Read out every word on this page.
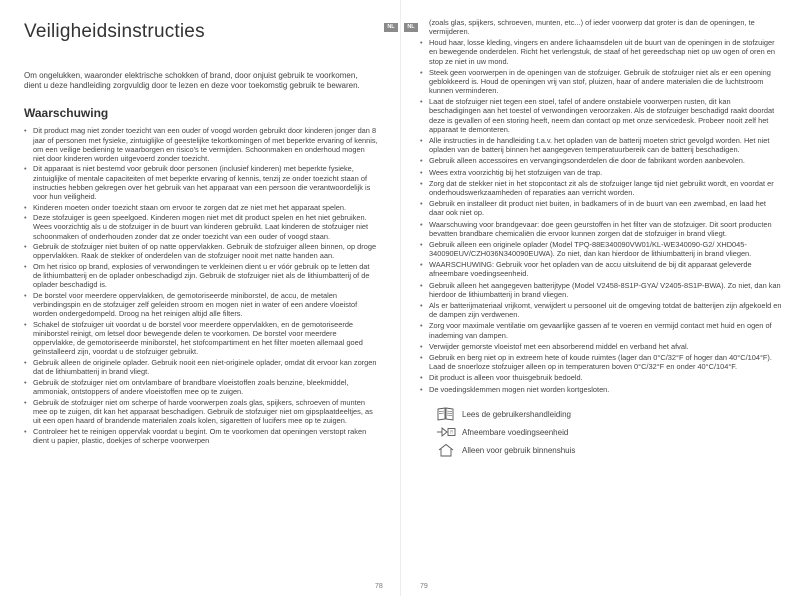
NL	NL
Veiligheidsinstructies

Om ongelukken, waaronder elektrische schokken of brand, door onjuist gebruik te voorkomen, dient u deze handleiding zorgvuldig door te lezen en deze voor toekomstig gebruik te bewaren.

Waarschuwing
• Dit product mag niet zonder toezicht van een ouder of voogd worden gebruikt door kinderen jonger dan 8 jaar of personen met fysieke, zintuiglijke of geestelijke tekortkomingen of met beperkte ervaring of kennis, om een veilige bediening te waarborgen en risico's te vermijden. Schoonmaken en onderhoud mogen niet door kinderen worden uitgevoerd zonder toezicht.
• Dit apparaat is niet bestemd voor gebruik door personen (inclusief kinderen) met beperkte fysieke, zintuiglijke of mentale capaciteiten of met beperkte ervaring of kennis, tenzij ze onder toezicht staan of instructies hebben gekregen over het gebruik van het apparaat van een persoon die verantwoordelijk is voor hun veiligheid.
• Kinderen moeten onder toezicht staan om ervoor te zorgen dat ze niet met het apparaat spelen.
• Deze stofzuiger is geen speelgoed. Kinderen mogen niet met dit product spelen en het niet gebruiken. Wees voorzichtig als u de stofzuiger in de buurt van kinderen gebruikt. Laat kinderen de stofzuiger niet schoonmaken of onderhouden zonder dat ze onder toezicht van een ouder of voogd staan.
• Gebruik de stofzuiger niet buiten of op natte oppervlakken. Gebruik de stofzuiger alleen binnen, op droge oppervlakken. Raak de stekker of onderdelen van de stofzuiger nooit met natte handen aan.
• Om het risico op brand, explosies of verwondingen te verkleinen dient u er vóór gebruik op te letten dat de lithiumbatterij en de oplader onbeschadigd zijn. Gebruik de stofzuiger niet als de lithiumbatterij of de oplader beschadigd is.
• De borstel voor meerdere oppervlakken, de gemotoriseerde miniborstel, de accu, de metalen verbindingspin en de stofzuiger zelf geleiden stroom en mogen niet in water of een andere vloeistof worden ondergedompeld. Droog na het reinigen altijd alle filters.
• Schakel de stofzuiger uit voordat u de borstel voor meerdere oppervlakken, en de gemotoriseerde miniborstel reinigt, om letsel door bewegende delen te voorkomen. De borstel voor meerdere oppervlakke, de gemotoriseerde miniborstel, het stofcompartiment en het filter moeten allemaal goed geïnstalleerd zijn, voordat u de stofzuiger gebruikt.
• Gebruik alleen de originele oplader. Gebruik nooit een niet-originele oplader, omdat dit ervoor kan zorgen dat de lithiumbatterij in brand vliegt.
• Gebruik de stofzuiger niet om ontvlambare of brandbare vloeistoffen zoals benzine, bleekmiddel, ammoniak, ontstoppers of andere vloeistoffen mee op te zuigen.
• Gebruik de stofzuiger niet om scherpe of harde voorwerpen zoals glas, spijkers, schroeven of munten mee op te zuigen, dit kan het apparaat beschadigen. Gebruik de stofzuiger niet om gipsplaatdeeltjes, as uit een open haard of brandende materialen zoals kolen, sigaretten of lucifers mee op te zuigen.
• Controleer het te reinigen oppervlak voordat u begint. Om te voorkomen dat openingen verstopt raken dient u papier, plastic, doekjes of scherpe voorwerpen

(zoals glas, spijkers, schroeven, munten, etc...) of ieder voorwerp dat groter is dan de openingen, te vermijderen.

• Houd haar, losse kleding, vingers en andere lichaamsdelen uit de buurt van de openingen in de stofzuiger en bewegende onderdelen. Richt het verlengstuk, de staaf of het gereedschap niet op uw ogen of oren en stop ze niet in uw mond.
• Steek geen voorwerpen in de openingen van de stofzuiger. Gebruik de stofzuiger niet als er een opening geblokkeerd is. Houd de openingen vrij van stof, pluizen, haar of andere materialen die de luchtstroom kunnen verminderen.
• Laat de stofzuiger niet tegen een stoel, tafel of andere onstabiele voorwerpen rusten, dit kan beschadigingen aan het toestel of verwondingen veroorzaken. Als de stofzuiger beschadigd raakt doordat deze is gevallen of een storing heeft, neem dan contact op met onze servicedesk. Probeer nooit zelf het apparaat te demonteren.
• Alle instructies in de handleiding t.a.v. het opladen van de batterij moeten strict gevolgd worden. Het niet opladen van de batterij binnen het aangegeven temperatuurbereik can de batterij beschadigen.
• Gebruik alleen accessoires en vervangingsonderdelen die door de fabrikant worden aanbevolen.
• Wees extra voorzichtig bij het stofzuigen van de trap.
• Zorg dat de stekker niet in het stopcontact zit als de stofzuiger lange tijd niet gebruikt wordt, en voordat er onderhoudswerkzaamheden of reparaties aan verricht worden.
• Gebruik en installeer dit product niet buiten, in badkamers of in de buurt van een zwembad, en laad het daar ook niet op.
• Waarschuwing voor brandgevaar: doe geen geurstoffen in het filter van de stofzuiger. Dit soort producten bevatten brandbare chemicaliën die ervoor kunnen zorgen dat de stofzuiger in brand vliegt.
• Gebruik alleen een originele oplader (Model TPQ-88E340090VW01/KL-WE340090-G2/ XHD045-340090EUV/CZH036N340090EUWA). Zo niet, dan kan hierdoor de lithiumbatterij in brand vliegen.
• WAARSCHUWING: Gebruik voor het opladen van de accu uitsluitend de bij dit apparaat geleverde afneembare voedingseenheid.
• Gebruik alleen het aangegeven batterijtype (Model V2458-8S1P-GYA/ V2405-8S1P-BWA). Zo niet, dan kan hierdoor de lithiumbatterij in brand vliegen.
• Als er batterijmateriaal vrijkomt, verwijdert u persoonel uit de omgeving totdat de batterijen zijn afgekoeld en de dampen zijn verdwenen.
• Zorg voor maximale ventilatie om gevaarlijke gassen af te voeren en vermijd contact met huid en ogen of inademing van dampen.
• Verwijder gemorste vloeistof met een absorberend middel en verband het afval.
• Gebruik en berg niet op in extreem hete of koude ruimtes (lager dan 0°C/32°F of hoger dan 40°C/104°F). Laad de snoerloze stofzuiger alleen op in temperaturen boven 0°C/32°F en onder 40°C/104°F.
• Dit product is alleen voor thuisgebruik bedoeld.
• De voedingsklemmen mogen niet worden kortgesloten.
Lees de gebruikershandleiding
Afneembare voedingseenheid
Alleen voor gebruik binnenshuis
78	79
